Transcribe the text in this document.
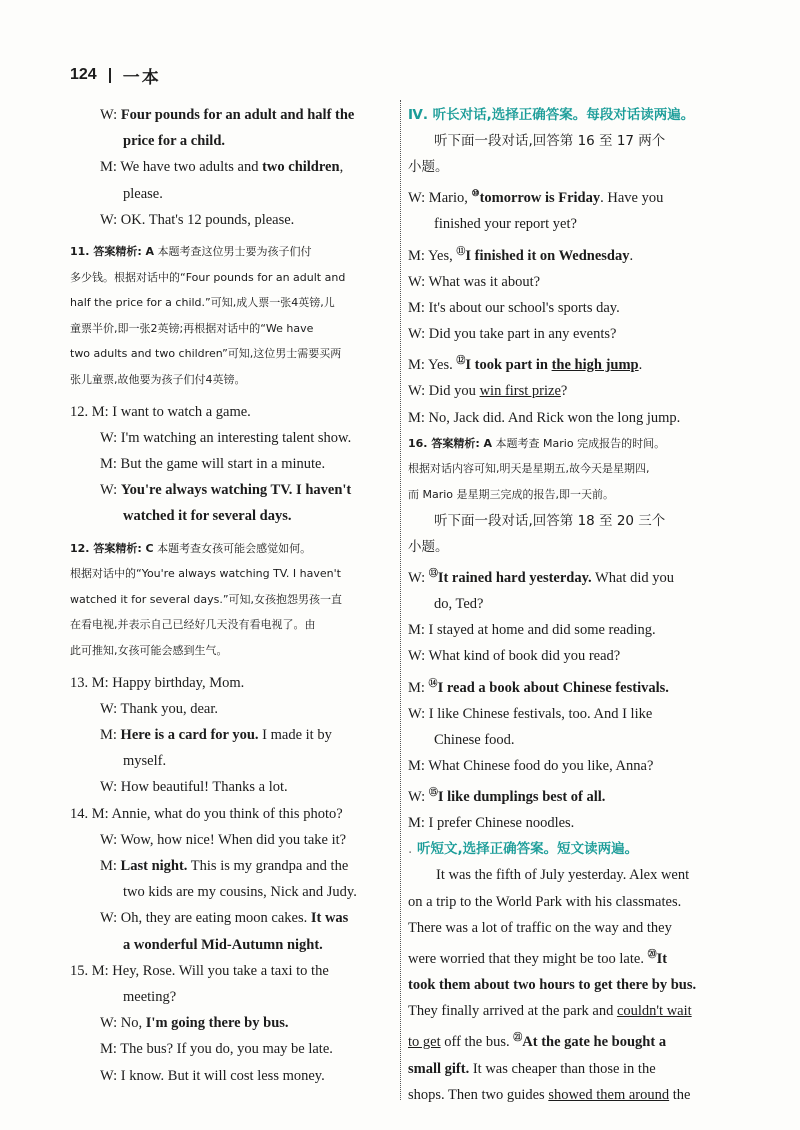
124 一本
W: Four pounds for an adult and half the
price for a child.
M: We have two adults and two children,
please.
W: OK. That's 12 pounds, please.
11. 答案精析: A 本题考查这位男士要为孩子们付
多少钱。根据对话中的“Four pounds for an adult and
half the price for a child.”可知,成人票一张4英镑,儿
童票半价,即一张2英镑;再根据对话中的“We have
two adults and two children”可知,这位男士需要买两
张儿童票,故他要为孩子们付4英镑。
12. M: I want to watch a game.
W: I'm watching an interesting talent show.
M: But the game will start in a minute.
W: You're always watching TV. I haven't
watched it for several days.
12. 答案精析: C 本题考查女孩可能会感觉如何。
根据对话中的“You're always watching TV. I haven't
watched it for several days.”可知,女孩抱怨男孩一直
在看电视,并表示自己已经好几天没有看电视了。由
此可推知,女孩可能会感到生气。
13. M: Happy birthday, Mom.
W: Thank you, dear.
M: Here is a card for you. I made it by
myself.
W: How beautiful! Thanks a lot.
14. M: Annie, what do you think of this photo?
W: Wow, how nice! When did you take it?
M: Last night. This is my grandpa and the
two kids are my cousins, Nick and Judy.
W: Oh, they are eating moon cakes. It was
a wonderful Mid-Autumn night.
15. M: Hey, Rose. Will you take a taxi to the
meeting?
W: No, I'm going there by bus.
M: The bus? If you do, you may be late.
W: I know. But it will cost less money.
Ⅳ. 听长对话,选择正确答案。每段对话读两遍。
听下面一段对话,回答第 16 至 17 两个
小题。
W: Mario, ⑩tomorrow is Friday. Have you
finished your report yet?
M: Yes, ⑪I finished it on Wednesday.
W: What was it about?
M: It's about our school's sports day.
W: Did you take part in any events?
M: Yes. ⑫I took part in the high jump.
W: Did you win first prize?
M: No, Jack did. And Rick won the long jump.
16. 答案精析: A 本题考查 Mario 完成报告的时间。
根据对话内容可知,明天是星期五,故今天是星期四,
而 Mario 是星期三完成的报告,即一天前。
听下面一段对话,回答第 18 至 20 三个
小题。
W: ⑬It rained hard yesterday. What did you
do, Ted?
M: I stayed at home and did some reading.
W: What kind of book did you read?
M: ⑭I read a book about Chinese festivals.
W: I like Chinese festivals, too. And I like
Chinese food.
M: What Chinese food do you like, Anna?
W: ⑮I like dumplings best of all.
M: I prefer Chinese noodles.
. 听短文,选择正确答案。短文读两遍。
It was the fifth of July yesterday. Alex went
on a trip to the World Park with his classmates.
There was a lot of traffic on the way and they
were worried that they might be too late. ⑳It
took them about two hours to get there by bus.
They finally arrived at the park and couldn't wait
to get off the bus. $^㉑$At the gate he bought a
small gift. It was cheaper than those in the
shops. Then two guides showed them around the
